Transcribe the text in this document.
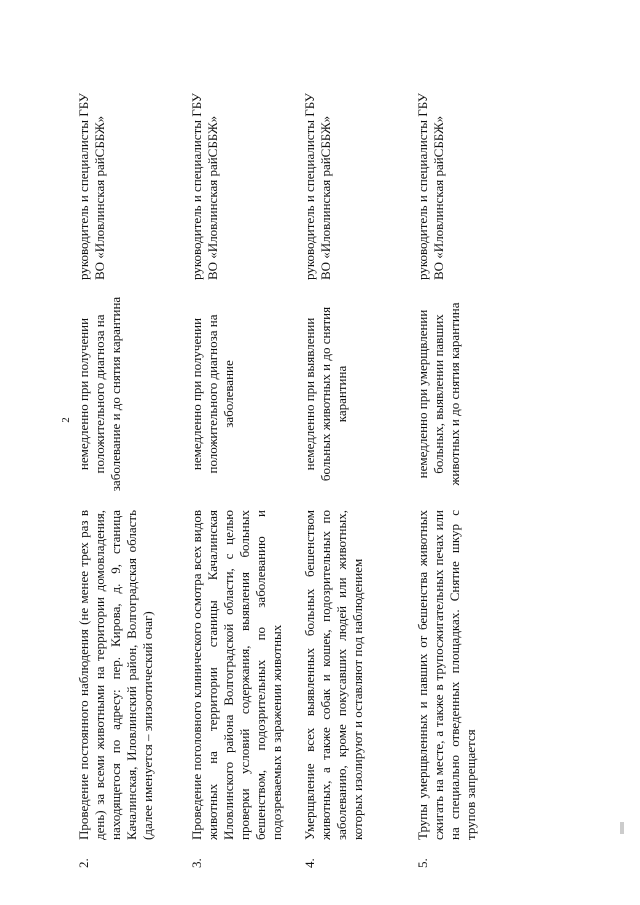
2
2.
Проведение постоянного наблюдения (не менее трех раз в день) за всеми животными на территории домовладения, находящегося по адресу: пер. Кирова, д. 9, станица Качалинская, Иловлинский район, Волгоградская область (далее именуется – эпизоотический очаг)
немедленно при получении положительного диагноза на заболевание и до снятия карантина
руководитель и специалисты ГБУ ВО «Иловлинская райСББЖ»
3.
Проведение поголовного клинического осмотра всех видов животных на территории станицы Качалинская Иловлинского района Волгоградской области, с целью проверки условий содержания, выявления больных бешенством, подозрительных по заболеванию и подозреваемых в заражении животных
немедленно при получении положительного диагноза на заболевание
руководитель и специалисты ГБУ ВО «Иловлинская райСББЖ»
4.
Умерщвление всех выявленных больных бешенством животных, а также собак и кошек, подозрительных по заболеванию, кроме покусавших людей или животных, которых изолируют и оставляют под наблюдением
немедленно при выявлении больных животных и до снятия карантина
руководитель и специалисты ГБУ ВО «Иловлинская райСББЖ»
5.
Трупы умерщвленных и павших от бешенства животных сжигать на месте, а также в трупосжигательных печах или на специально отведенных площадках. Снятие шкур с трупов запрещается
немедленно при умерщвлении больных, выявлении павших животных и до снятия карантина
руководитель и специалисты ГБУ ВО «Иловлинская райСББЖ»
